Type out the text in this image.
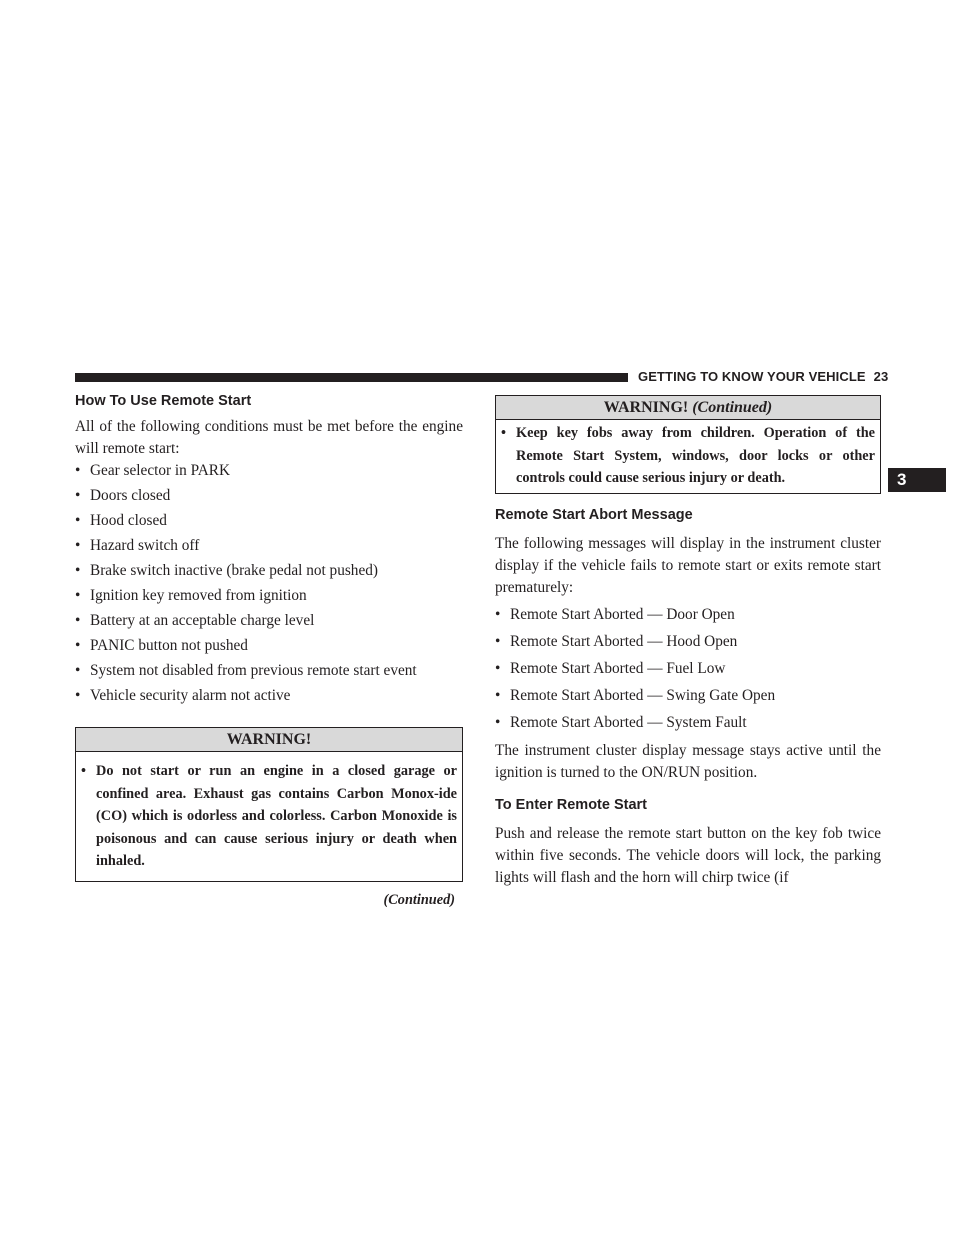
GETTING TO KNOW YOUR VEHICLE 23
3
How To Use Remote Start

All of the following conditions must be met before the engine will remote start:

• Gear selector in PARK
• Doors closed
• Hood closed
• Hazard switch off
• Brake switch inactive (brake pedal not pushed)
• Ignition key removed from ignition
• Battery at an acceptable charge level
• PANIC button not pushed
• System not disabled from previous remote start event
• Vehicle security alarm not active
WARNING!
• Do not start or run an engine in a closed garage or confined area. Exhaust gas contains Carbon Monox-ide (CO) which is odorless and colorless. Carbon Monoxide is poisonous and can cause serious injury or death when inhaled.
(Continued)
WARNING! (Continued)
• Keep key fobs away from children. Operation of the Remote Start System, windows, door locks or other controls could cause serious injury or death.
Remote Start Abort Message

The following messages will display in the instrument cluster display if the vehicle fails to remote start or exits remote start prematurely:

• Remote Start Aborted — Door Open
• Remote Start Aborted — Hood Open
• Remote Start Aborted — Fuel Low
• Remote Start Aborted — Swing Gate Open
• Remote Start Aborted — System Fault

The instrument cluster display message stays active until the ignition is turned to the ON/RUN position.

To Enter Remote Start

Push and release the remote start button on the key fob twice within five seconds. The vehicle doors will lock, the parking lights will flash and the horn will chirp twice (if
